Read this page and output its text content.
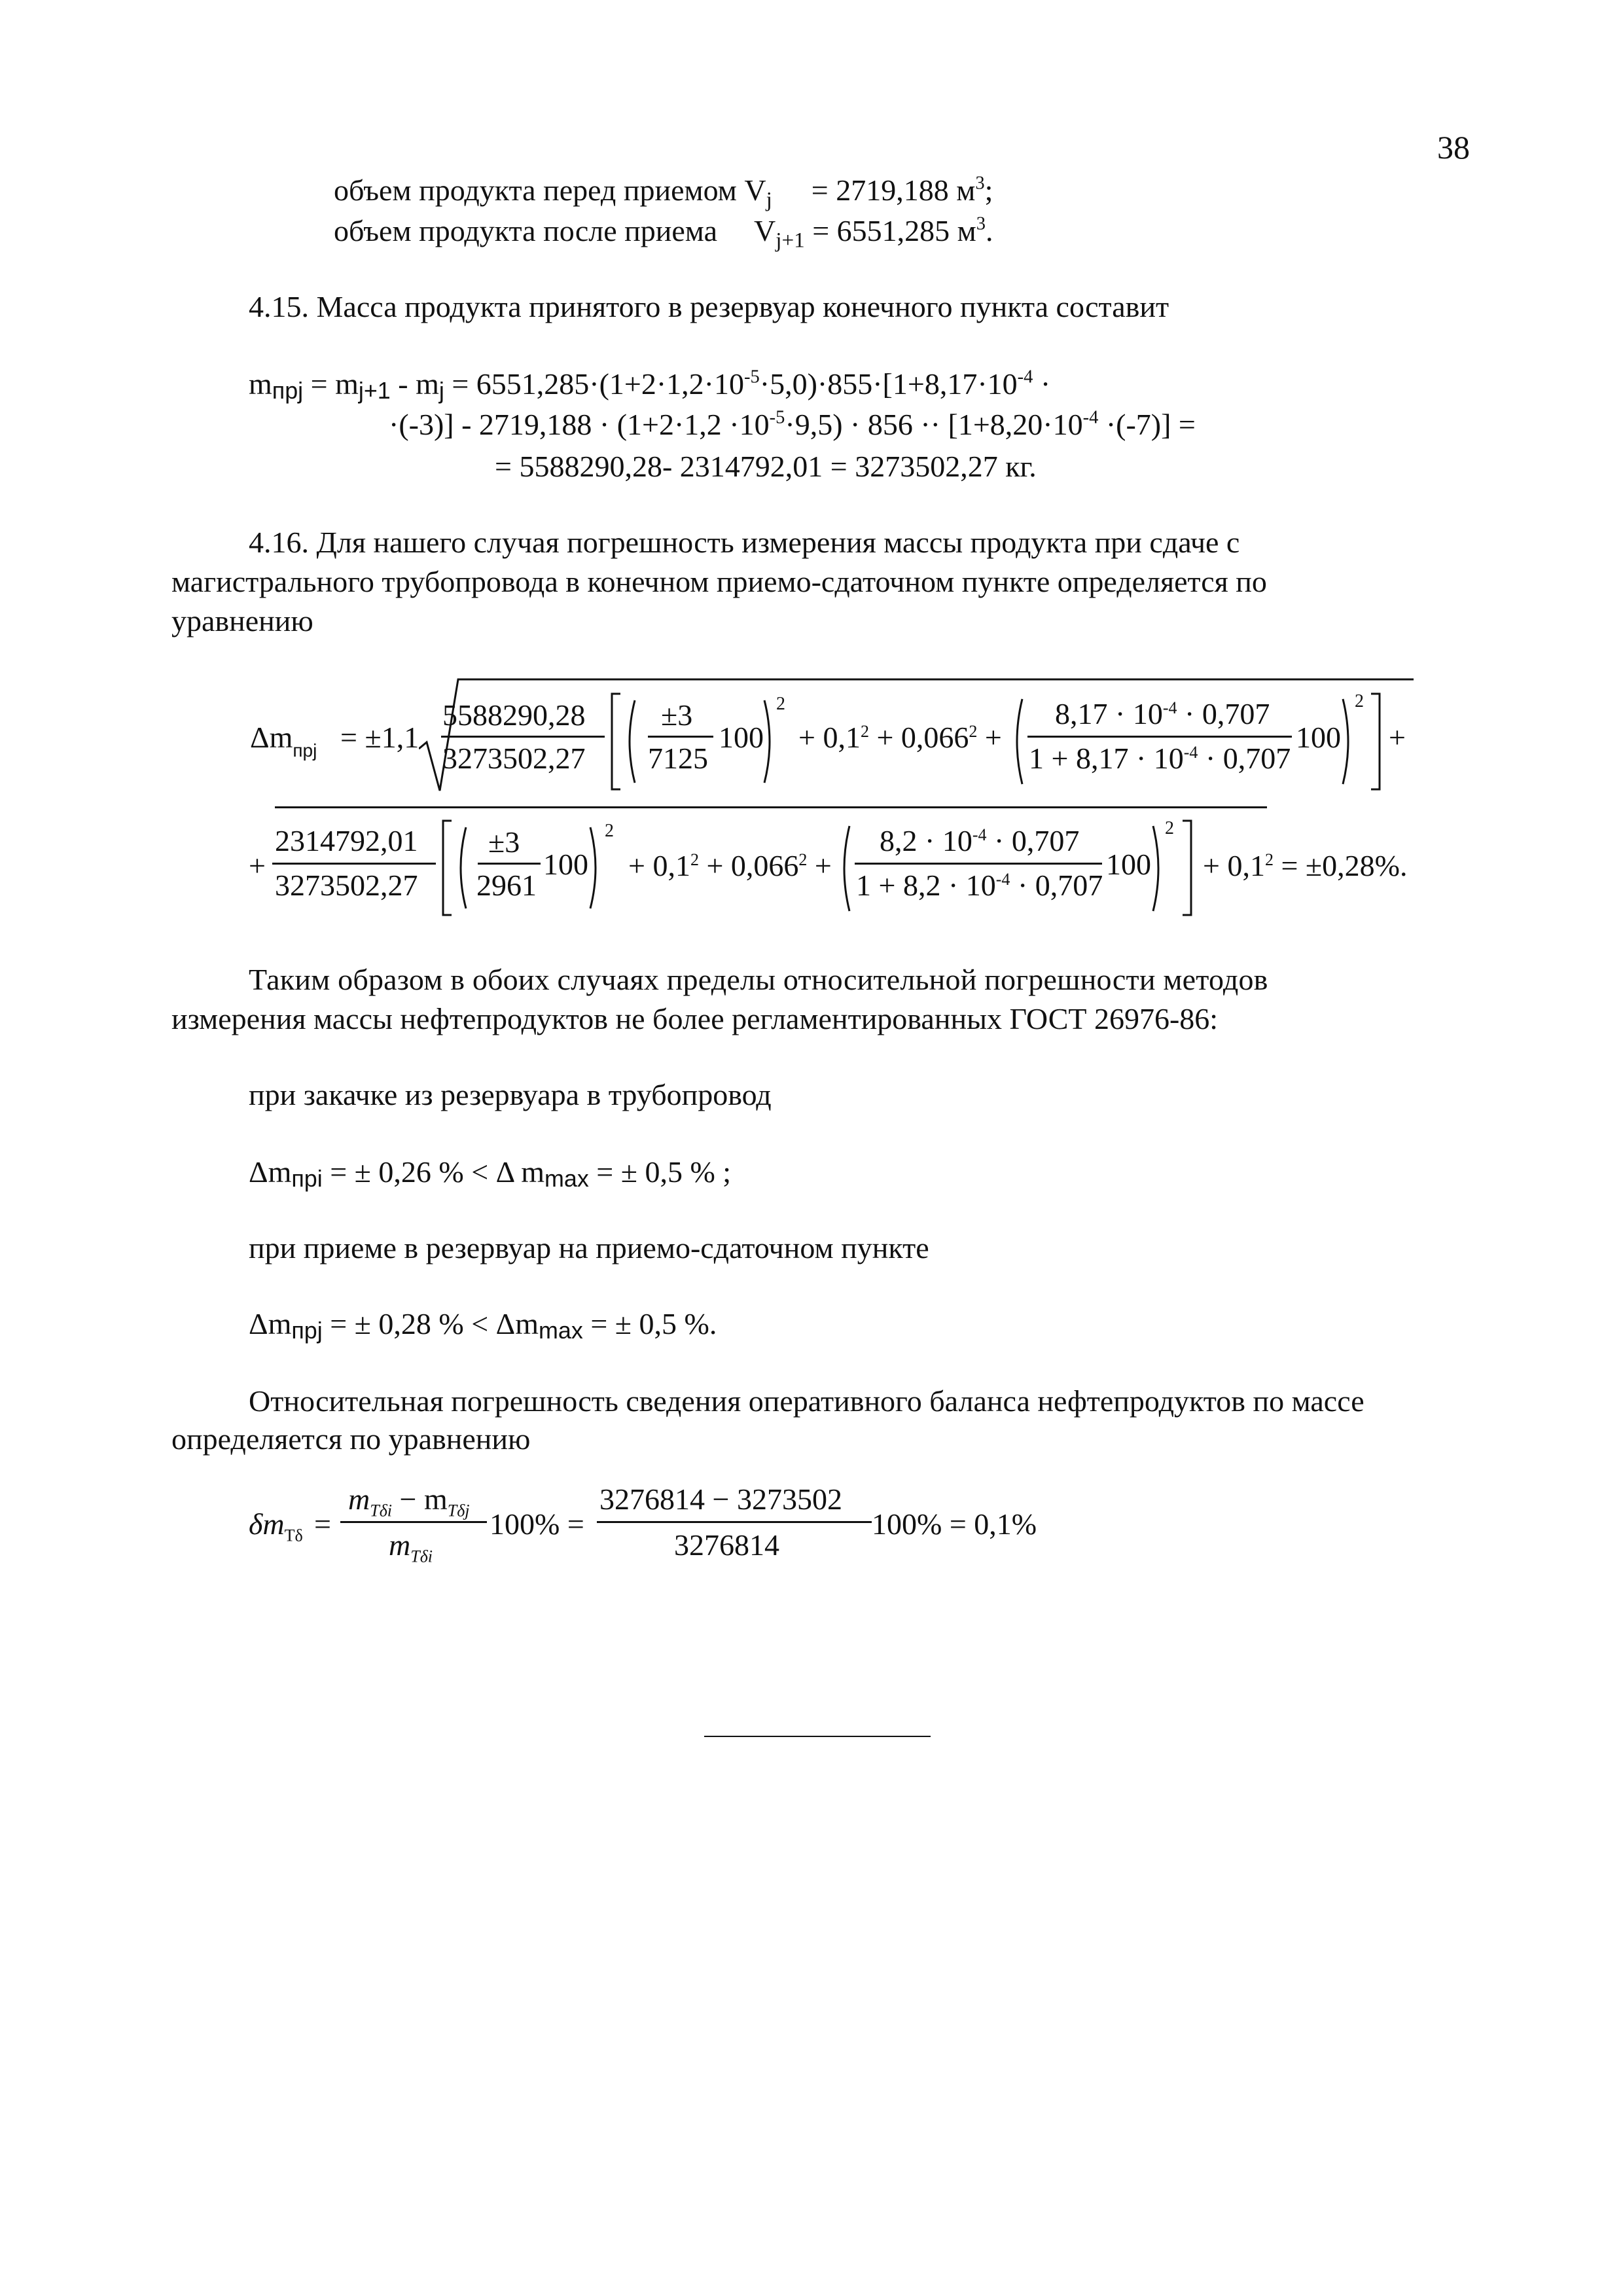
38
объем продукта перед приемом $V_j = 2719,188$ $м^3$;
объем продукта после приема $V_{j+1} = 6551,285$ $м^3$.
4.15. Масса продукта принятого в резервуар конечного пункта составит
mпрj = mj+1 - mj = $6551,285\cdot(1+2\cdot 1,2\cdot 10^{-5}\cdot 5,0)\cdot 855\cdot[1+8,17\cdot 10^{-4}$ ·
$\cdot(-3)] - 2719,188 \cdot (1+2\cdot 1,2 \cdot 10^{-5}\cdot 9,5) \cdot 856 \cdot\cdot [1+8,20\cdot 10^{-4} \cdot(-7)]$ =
= 5588290,28- 2314792,01 = 3273502,27 кг.
4.16. Для нашего случая погрешность измерения массы продукта при сдаче с
магистрального трубопровода в конечном приемо-сдаточном пункте определяется по
уравнению
$\Delta m_{прj} = \pm 1,1$
5588290,28
3273502,27
±3
7125
100
2
+ $0,1^2 + 0,066^2$ +
$8,17 \cdot 10^{-4} \cdot 0,707$
$1 + 8,17 \cdot 10^{-4} \cdot 0,707$
100
2
+
+
2314792,01
3273502,27
±3
2961
100
2
+ $0,1^2 + 0,066^2$ +
$8,2 \cdot 10^{-4} \cdot 0,707$
$1 + 8,2 \cdot 10^{-4} \cdot 0,707$
100
2
+ $0,1^2 = \pm 0,28\%$.
Таким образом в обоих случаях пределы относительной погрешности методов
измерения массы нефтепродуктов не более регламентированных ГОСТ 26976-86:
при закачке из резервуара в трубопровод
Δmпрi = ± 0,26 % < Δ mmax = ± 0,5 % ;
при приеме в резервуар на приемо-сдаточном пункте
Δmпрj = ± 0,28 % < Δmmax = ± 0,5 %.
Относительная погрешность сведения оперативного баланса нефтепродуктов по массе
определяется по уравнению
$\delta m_{T\delta}$ =
$m_{T\delta i} - m_{T\delta j}$
$m_{T\delta i}$
100% =
3276814 − 3273502
3276814
100% = 0,1%
